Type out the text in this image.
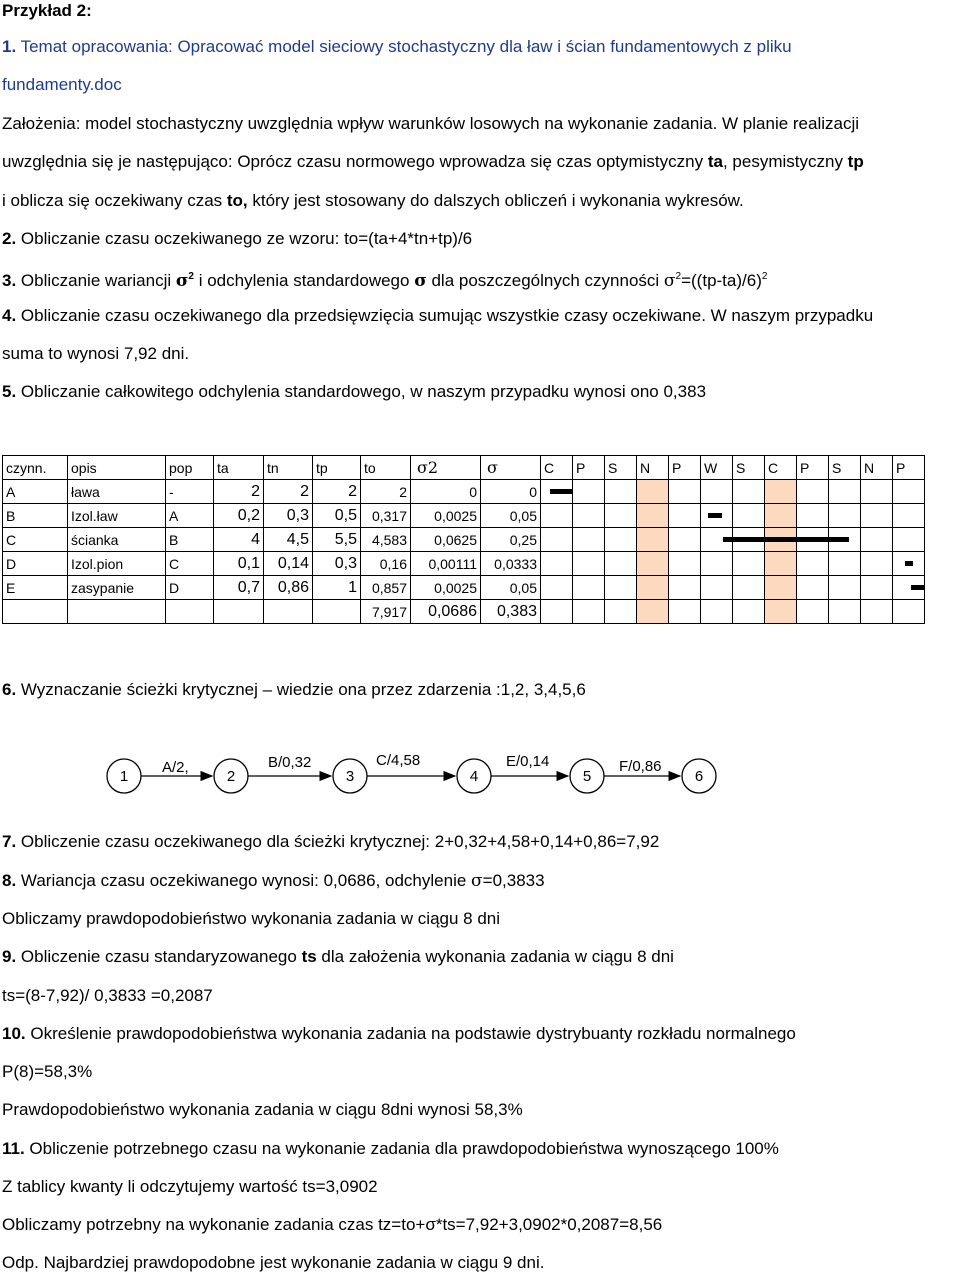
Przykład 2:
1. Temat opracowania: Opracować model sieciowy stochastyczny dla ław i ścian fundamentowych z pliku
fundamenty.doc
Założenia: model stochastyczny uwzględnia wpływ warunków losowych na wykonanie zadania. W planie realizacji
uwzględnia się je następująco: Oprócz czasu normowego wprowadza się czas optymistyczny ta, pesymistyczny tp
i oblicza się oczekiwany czas to, który jest stosowany do dalszych obliczeń i wykonania wykresów.
2. Obliczanie czasu oczekiwanego ze wzoru: to=(ta+4*tn+tp)/6
3. Obliczanie wariancji $\sigma^2$ i odchylenia standardowego σ dla poszczególnych czynności $\sigma^2=((tp-ta)/6)^2$
4. Obliczanie czasu oczekiwanego dla przedsięwzięcia sumując wszystkie czasy oczekiwane. W naszym przypadku
suma to wynosi 7,92 dni.
5. Obliczanie całkowitego odchylenia standardowego, w naszym przypadku wynosi ono 0,383
czynn.	opis	pop	ta	tn	tp	to	σ2	σ	C	P	S	N	P	W	S	C	P	S	N	P
A	ława	-	2	2	2	2	0	0	

B	Izol.ław	A	0,2	0,3	0,5	0,317	0,0025	0,05						

C	ścianka	B	4	4,5	5,5	4,583	0,0625	0,25						

D	Izol.pion	C	0,1	0,14	0,3	0,16	0,00111	0,0333												

E	zasypanie	D	0,7	0,86	1	0,857	0,0025	0,05												

						7,917	0,0686	0,383												
6. Wyznaczanie ścieżki krytycznej – wiedzie ona przez zdarzenia :1,2, 3,4,5,6
1
A/2,
2
B/0,32
3
C/4,58
4
E/0,14
5
F/0,86
6
7. Obliczenie czasu oczekiwanego dla ścieżki krytycznej: 2+0,32+4,58+0,14+0,86=7,92
8. Wariancja czasu oczekiwanego wynosi: 0,0686, odchylenie σ=0,3833
Obliczamy prawdopodobieństwo wykonania zadania w ciągu 8 dni
9. Obliczenie czasu standaryzowanego ts dla założenia wykonania zadania w ciągu 8 dni
ts=(8-7,92)/ 0,3833 =0,2087
10. Określenie prawdopodobieństwa wykonania zadania na podstawie dystrybuanty rozkładu normalnego
P(8)=58,3%
Prawdopodobieństwo wykonania zadania w ciągu 8dni wynosi 58,3%
11. Obliczenie potrzebnego czasu na wykonanie zadania dla prawdopodobieństwa wynoszącego 100%
Z tablicy kwanty li odczytujemy wartość ts=3,0902
Obliczamy potrzebny na wykonanie zadania czas tz=to+σ*ts=7,92+3,0902*0,2087=8,56
Odp. Najbardziej prawdopodobne jest wykonanie zadania w ciągu 9 dni.
